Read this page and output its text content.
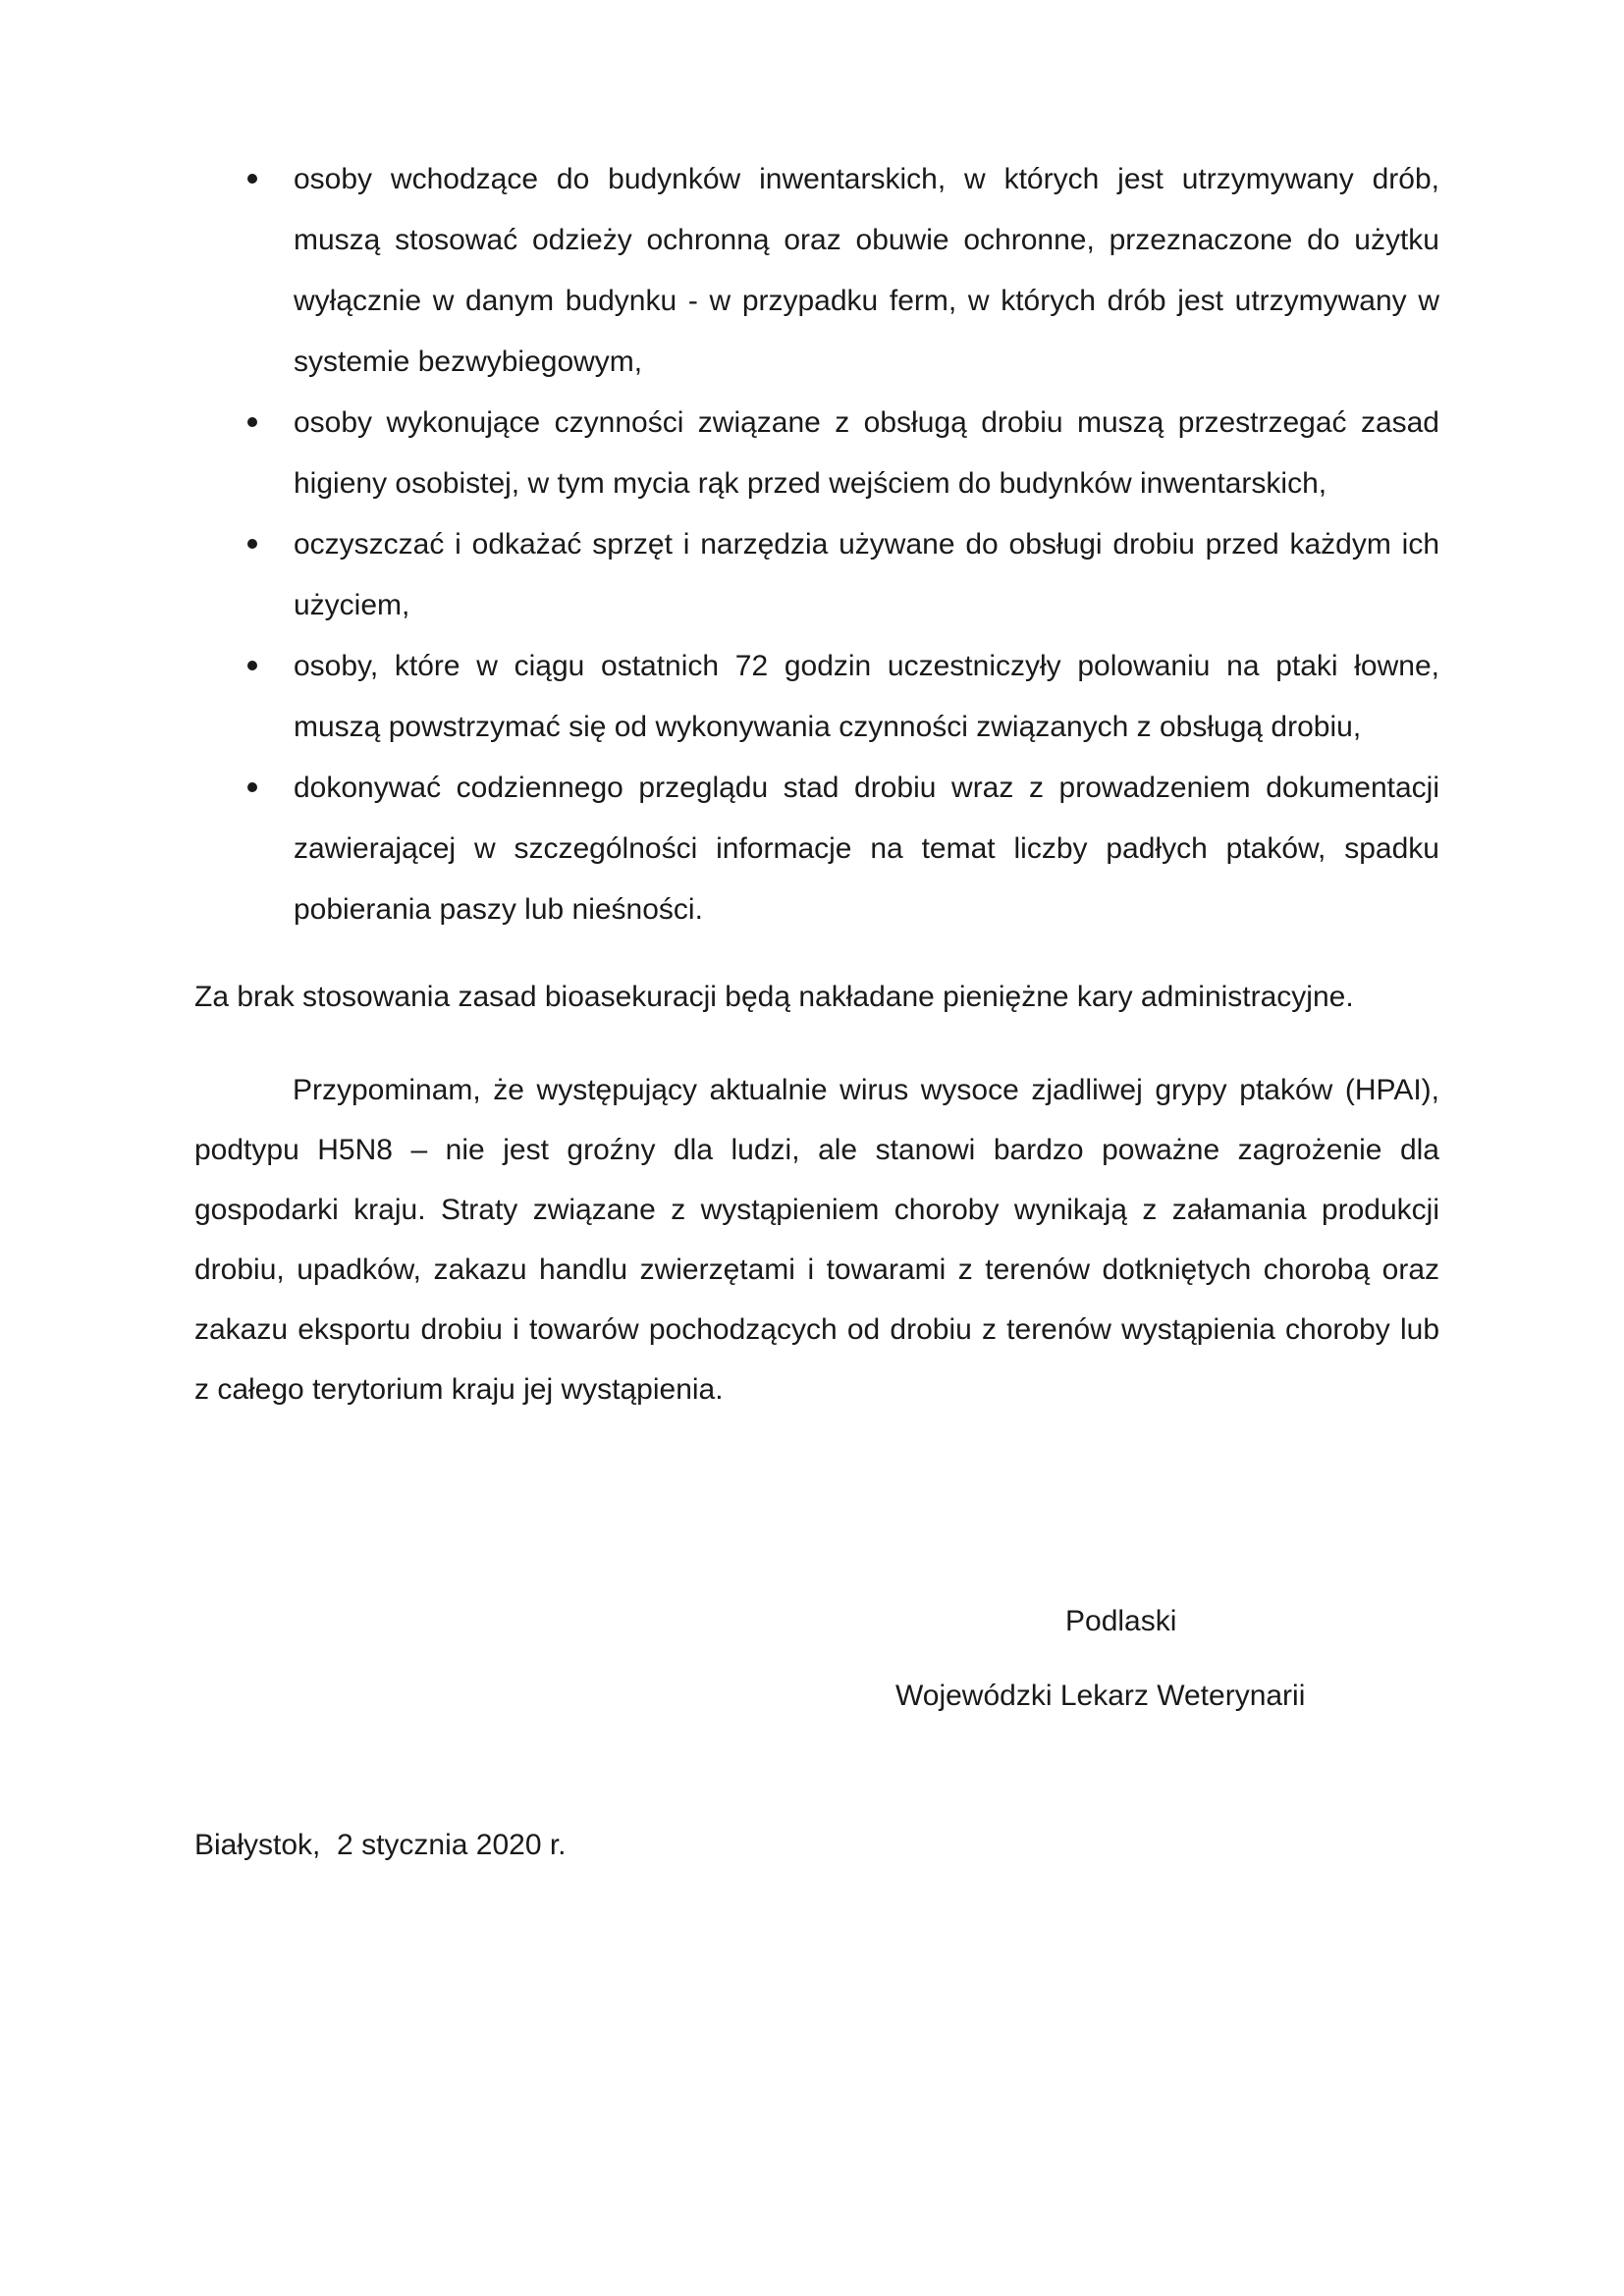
osoby wchodzące do budynków inwentarskich, w których jest utrzymywany drób, muszą stosować odzieży ochronną oraz obuwie ochronne, przeznaczone do użytku wyłącznie w danym budynku - w przypadku ferm, w których drób jest utrzymywany w systemie bezwybiegowym,
osoby wykonujące czynności związane z obsługą drobiu muszą przestrzegać zasad higieny osobistej, w tym mycia rąk przed wejściem do budynków inwentarskich,
oczyszczać i odkażać sprzęt i narzędzia używane do obsługi drobiu przed każdym ich użyciem,
osoby, które w ciągu ostatnich 72 godzin uczestniczyły polowaniu na ptaki łowne, muszą powstrzymać się od wykonywania czynności związanych z obsługą drobiu,
dokonywać codziennego przeglądu stad drobiu wraz z prowadzeniem dokumentacji zawierającej w szczególności informacje na temat liczby padłych ptaków, spadku pobierania paszy lub nieśności.

Za brak stosowania zasad bioasekuracji będą nakładane pieniężne kary administracyjne.

Przypominam, że występujący aktualnie wirus wysoce zjadliwej grypy ptaków (HPAI), podtypu H5N8 – nie jest groźny dla ludzi, ale stanowi bardzo poważne zagrożenie dla gospodarki kraju. Straty związane z wystąpieniem choroby wynikają z załamania produkcji drobiu, upadków, zakazu handlu zwierzętami i towarami z terenów dotkniętych chorobą oraz zakazu eksportu drobiu i towarów pochodzących od drobiu z terenów wystąpienia choroby lub z całego terytorium kraju jej wystąpienia.

Podlaski

Wojewódzki Lekarz Weterynarii

Białystok,  2 stycznia 2020 r.
